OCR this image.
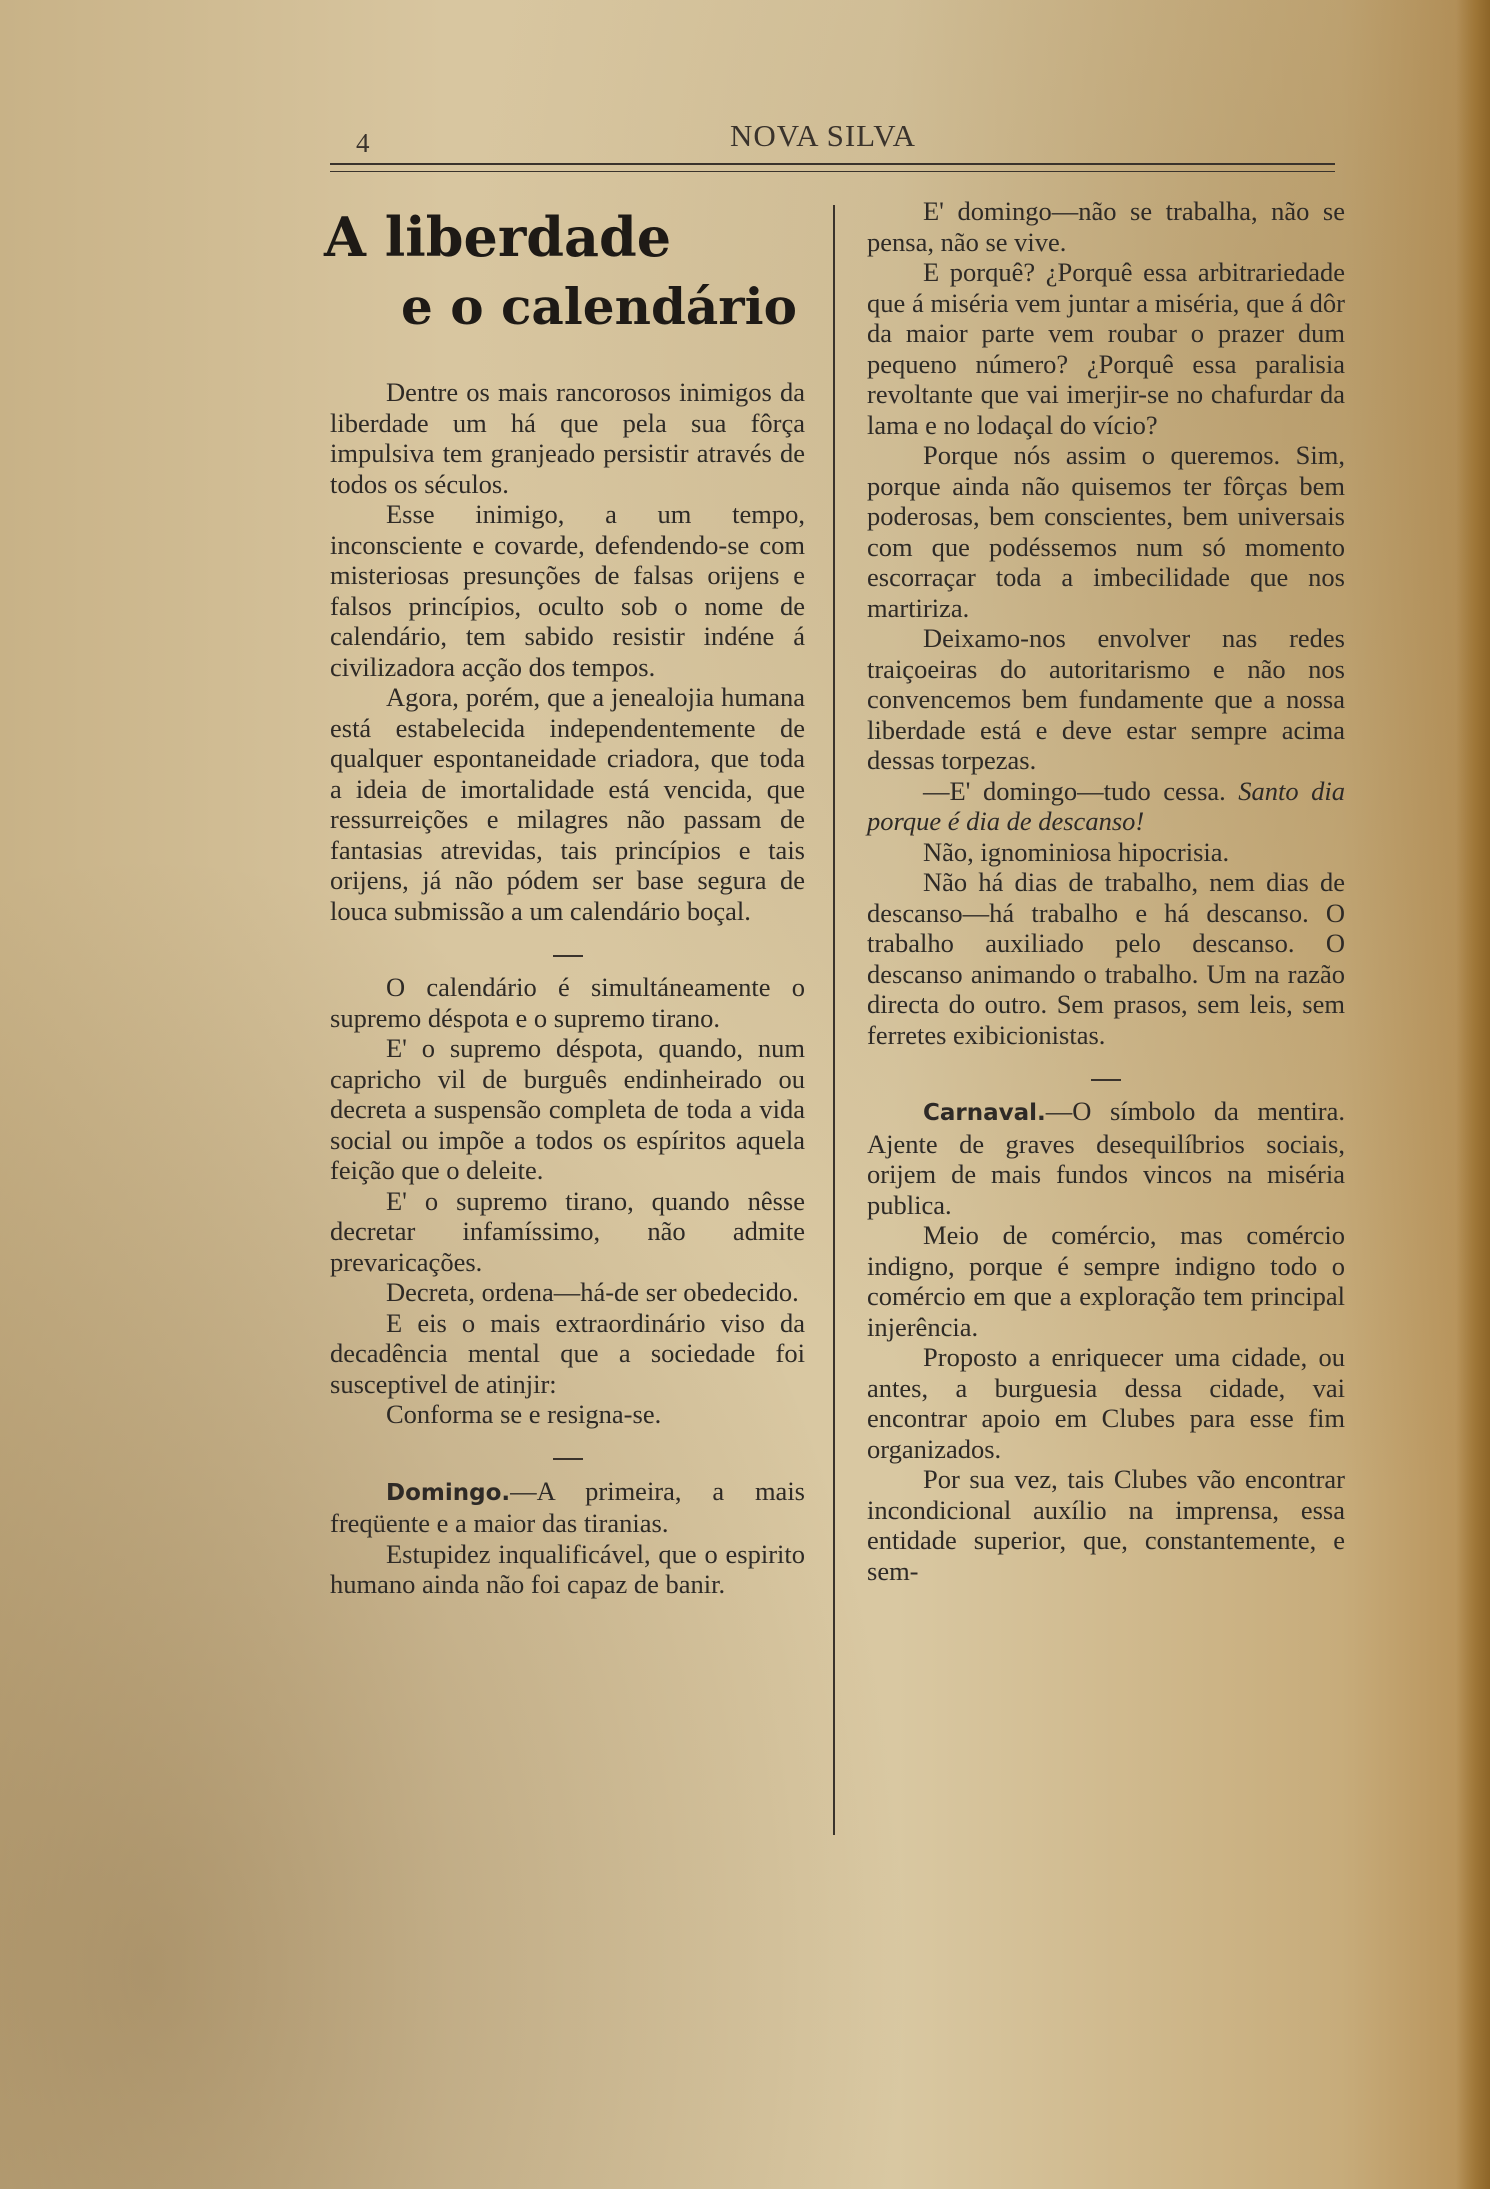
4	NOVA SILVA
A liberdade
e o calendário

Dentre os mais rancorosos inimigos da liberdade um há que pela sua fôrça impulsiva tem granjeado persistir através de todos os séculos.

Esse inimigo, a um tempo, inconsciente e covarde, defendendo-se com misteriosas presunções de falsas orijens e falsos princípios, oculto sob o nome de calendário, tem sabido resistir indéne á civilizadora acção dos tempos.

Agora, porém, que a jenealojia humana está estabelecida independentemente de qualquer espontaneidade criadora, que toda a ideia de imortalidade está vencida, que ressurreições e milagres não passam de fantasias atrevidas, tais princípios e tais orijens, já não pódem ser base segura de louca submissão a um calendário boçal.

O calendário é simultáneamente o supremo déspota e o supremo tirano.

E' o supremo déspota, quando, num capricho vil de burguês endinheirado ou decreta a suspensão completa de toda a vida social ou impõe a todos os espíritos aquela feição que o deleite.

E' o supremo tirano, quando nêsse decretar infamíssimo, não admite prevaricações.

Decreta, ordena—há-de ser obedecido.

E eis o mais extraordinário viso da decadência mental que a sociedade foi susceptivel de atinjir:

Conforma se e resigna-se.

Domingo.—A primeira, a mais freqüente e a maior das tiranias.

Estupidez inqualificável, que o espirito humano ainda não foi capaz de banir.

E' domingo—não se trabalha, não se pensa, não se vive.

E porquê? ¿Porquê essa arbitrariedade que á miséria vem juntar a miséria, que á dôr da maior parte vem roubar o prazer dum pequeno número? ¿Porquê essa paralisia revoltante que vai imerjir-se no chafurdar da lama e no lodaçal do vício?

Porque nós assim o queremos. Sim, porque ainda não quisemos ter fôrças bem poderosas, bem conscientes, bem universais com que podéssemos num só momento escorraçar toda a imbecilidade que nos martiriza.

Deixamo-nos envolver nas redes traiçoeiras do autoritarismo e não nos convencemos bem fundamente que a nossa liberdade está e deve estar sempre acima dessas torpezas.

—E' domingo—tudo cessa. Santo dia porque é dia de descanso!

Não, ignominiosa hipocrisia.

Não há dias de trabalho, nem dias de descanso—há trabalho e há descanso. O trabalho auxiliado pelo descanso. O descanso animando o trabalho. Um na razão directa do outro. Sem prasos, sem leis, sem ferretes exibicionistas.

Carnaval.—O símbolo da mentira. Ajente de graves desequilíbrios sociais, orijem de mais fundos vincos na miséria publica.

Meio de comércio, mas comércio indigno, porque é sempre indigno todo o comércio em que a exploração tem principal injerência.

Proposto a enriquecer uma cidade, ou antes, a burguesia dessa cidade, vai encontrar apoio em Clubes para esse fim organizados.

Por sua vez, tais Clubes vão encontrar incondicional auxílio na imprensa, essa entidade superior, que, constantemente, e sem-
